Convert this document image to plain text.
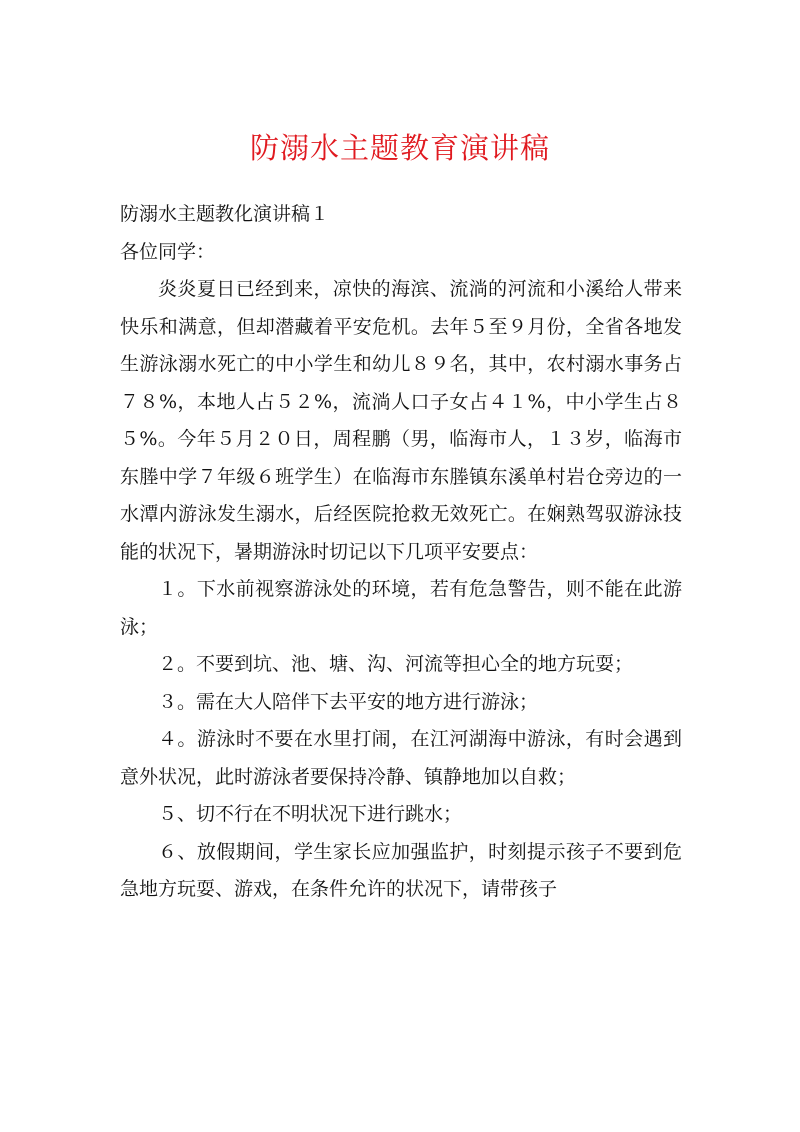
防溺水主题教育演讲稿

防溺水主题教化演讲稿１

各位同学：

炎炎夏日已经到来，凉快的海滨、流淌的河流和小溪给人带来快乐和满意，但却潜藏着平安危机。去年５至９月份，全省各地发生游泳溺水死亡的中小学生和幼儿８９名，其中，农村溺水事务占７８%，本地人占５２%，流淌人口子女占４１%，中小学生占８５%。今年５月２０日，周程鹏（男，临海市人，１３岁，临海市东塍中学７年级６班学生）在临海市东塍镇东溪单村岩仓旁边的一水潭内游泳发生溺水，后经医院抢救无效死亡。在娴熟驾驭游泳技能的状况下，暑期游泳时切记以下几项平安要点：

１。下水前视察游泳处的环境，若有危急警告，则不能在此游泳；

２。不要到坑、池、塘、沟、河流等担心全的地方玩耍；

３。需在大人陪伴下去平安的地方进行游泳；

４。游泳时不要在水里打闹，在江河湖海中游泳，有时会遇到意外状况，此时游泳者要保持冷静、镇静地加以自救；

５、切不行在不明状况下进行跳水；

６、放假期间，学生家长应加强监护，时刻提示孩子不要到危急地方玩耍、游戏，在条件允许的状况下，请带孩子
